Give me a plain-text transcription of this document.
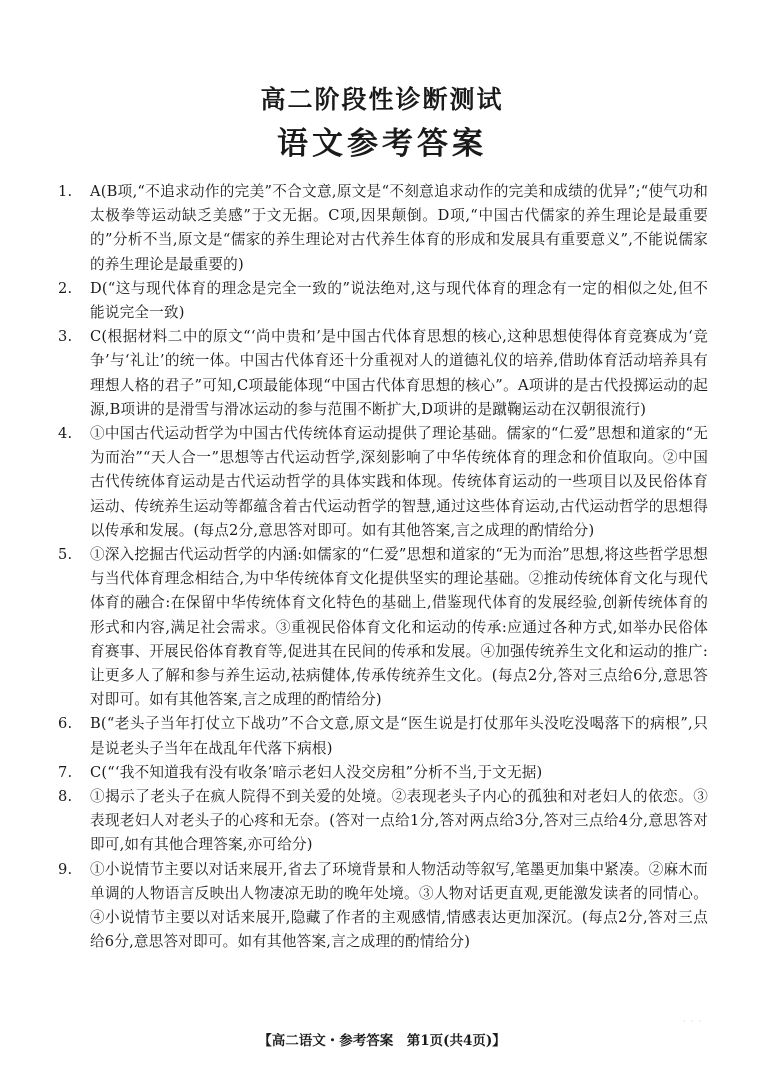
高二阶段性诊断测试
语文参考答案
1. A(B项,“不追求动作的完美”不合文意,原文是“不刻意追求动作的完美和成绩的优异”;“使气功和太极拳等运动缺乏美感”于文无据。C项,因果颠倒。D项,“中国古代儒家的养生理论是最重要的”分析不当,原文是“儒家的养生理论对古代养生体育的形成和发展具有重要意义”,不能说儒家的养生理论是最重要的)
2. D(“这与现代体育的理念是完全一致的”说法绝对,这与现代体育的理念有一定的相似之处,但不能说完全一致)
3. C(根据材料二中的原文“‘尚中贵和’是中国古代体育思想的核心,这种思想使得体育竞赛成为‘竞争’与‘礼让’的统一体。中国古代体育还十分重视对人的道德礼仪的培养,借助体育活动培养具有理想人格的君子”可知,C项最能体现“中国古代体育思想的核心”。A项讲的是古代投掷运动的起源,B项讲的是滑雪与滑冰运动的参与范围不断扩大,D项讲的是蹴鞠运动在汉朝很流行)
4. ①中国古代运动哲学为中国古代传统体育运动提供了理论基础。儒家的“仁爱”思想和道家的“无为而治”“天人合一”思想等古代运动哲学,深刻影响了中华传统体育的理念和价值取向。②中国古代传统体育运动是古代运动哲学的具体实践和体现。传统体育运动的一些项目以及民俗体育运动、传统养生运动等都蕴含着古代运动哲学的智慧,通过这些体育运动,古代运动哲学的思想得以传承和发展。(每点2分,意思答对即可。如有其他答案,言之成理的酌情给分)
5. ①深入挖掘古代运动哲学的内涵:如儒家的“仁爱”思想和道家的“无为而治”思想,将这些哲学思想与当代体育理念相结合,为中华传统体育文化提供坚实的理论基础。②推动传统体育文化与现代体育的融合:在保留中华传统体育文化特色的基础上,借鉴现代体育的发展经验,创新传统体育的形式和内容,满足社会需求。③重视民俗体育文化和运动的传承:应通过各种方式,如举办民俗体育赛事、开展民俗体育教育等,促进其在民间的传承和发展。④加强传统养生文化和运动的推广:让更多人了解和参与养生运动,祛病健体,传承传统养生文化。(每点2分,答对三点给6分,意思答对即可。如有其他答案,言之成理的酌情给分)
6. B(“老头子当年打仗立下战功”不合文意,原文是“医生说是打仗那年头没吃没喝落下的病根”,只是说老头子当年在战乱年代落下病根)
7. C(“‘我不知道我有没有收条’暗示老妇人没交房租”分析不当,于文无据)
8. ①揭示了老头子在疯人院得不到关爱的处境。②表现老头子内心的孤独和对老妇人的依恋。③表现老妇人对老头子的心疼和无奈。(答对一点给1分,答对两点给3分,答对三点给4分,意思答对即可,如有其他合理答案,亦可给分)
9. ①小说情节主要以对话来展开,省去了环境背景和人物活动等叙写,笔墨更加集中紧凑。②麻木而单调的人物语言反映出人物凄凉无助的晚年处境。③人物对话更直观,更能激发读者的同情心。④小说情节主要以对话来展开,隐藏了作者的主观感情,情感表达更加深沉。(每点2分,答对三点给6分,意思答对即可。如有其他答案,言之成理的酌情给分)
【高二语文・参考答案　第1页(共4页)】
· · ·
